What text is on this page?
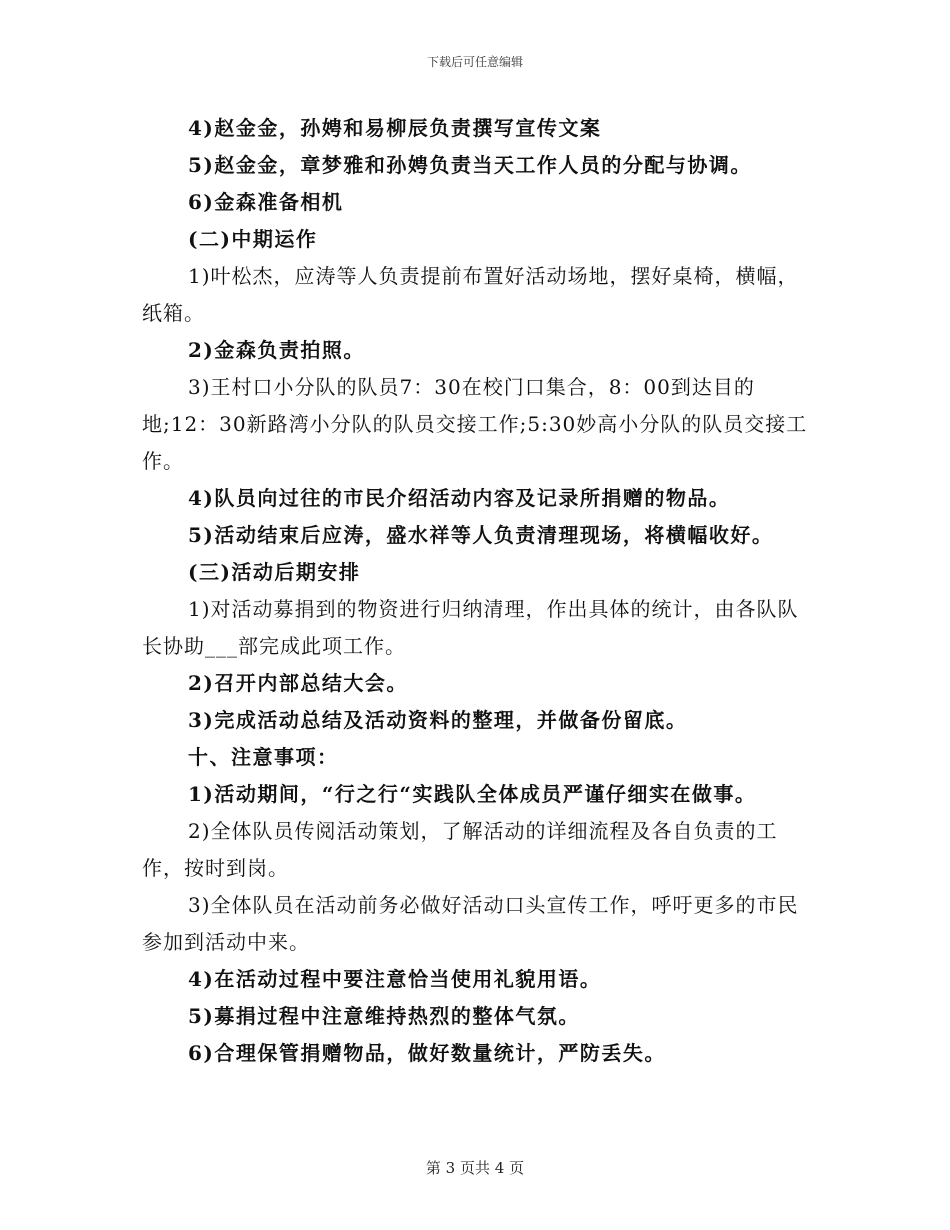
下载后可任意编辑

4)赵金金，孙娉和易柳辰负责撰写宣传文案

5)赵金金，章梦雅和孙娉负责当天工作人员的分配与协调。

6)金森准备相机

(二)中期运作

1)叶松杰，应涛等人负责提前布置好活动场地，摆好桌椅，横幅，纸箱。

2)金森负责拍照。

3)王村口小分队的队员7：30在校门口集合，8：00到达目的地;12：30新路湾小分队的队员交接工作;5:30妙高小分队的队员交接工作。

4)队员向过往的市民介绍活动内容及记录所捐赠的物品。

5)活动结束后应涛，盛水祥等人负责清理现场，将横幅收好。

(三)活动后期安排

1)对活动募捐到的物资进行归纳清理，作出具体的统计，由各队队长协助___部完成此项工作。

2)召开内部总结大会。

3)完成活动总结及活动资料的整理，并做备份留底。

十、注意事项：

1)活动期间，“行之行“实践队全体成员严谨仔细实在做事。

2)全体队员传阅活动策划，了解活动的详细流程及各自负责的工作，按时到岗。

3)全体队员在活动前务必做好活动口头宣传工作，呼吁更多的市民参加到活动中来。

4)在活动过程中要注意恰当使用礼貌用语。

5)募捐过程中注意维持热烈的整体气氛。

6)合理保管捐赠物品，做好数量统计，严防丢失。

第 3 页共 4 页
